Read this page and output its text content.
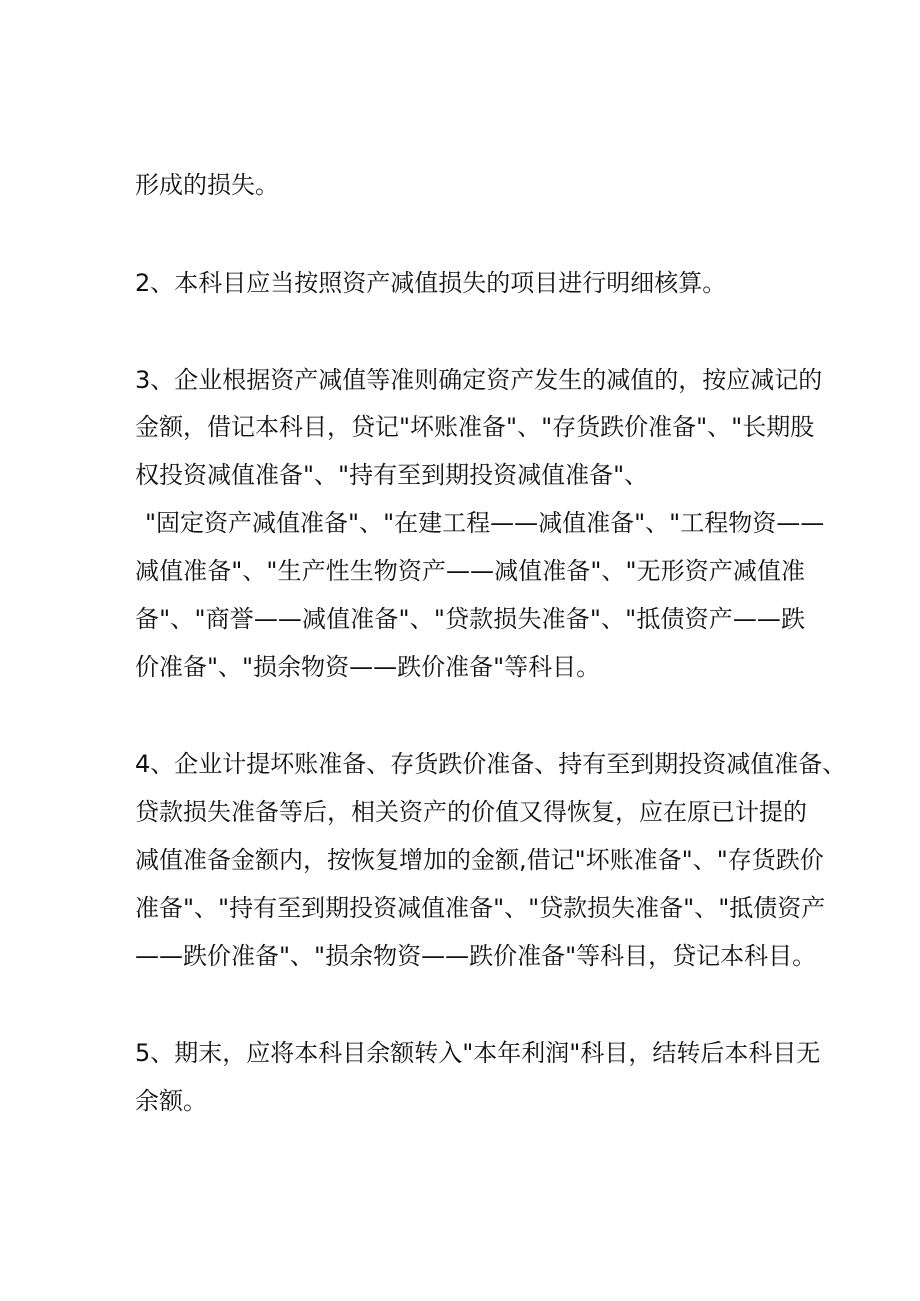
形成的损失。
2、本科目应当按照资产减值损失的项目进行明细核算。
3、企业根据资产减值等准则确定资产发生的减值的，按应减记的
金额，借记本科目，贷记"坏账准备"、"存货跌价准备"、"长期股
权投资减值准备"、"持有至到期投资减值准备"、
"固定资产减值准备"、"在建工程——减值准备"、"工程物资——
减值准备"、"生产性生物资产——减值准备"、"无形资产减值准
备"、"商誉——减值准备"、"贷款损失准备"、"抵债资产——跌
价准备"、"损余物资——跌价准备"等科目。
4、企业计提坏账准备、存货跌价准备、持有至到期投资减值准备、
贷款损失准备等后，相关资产的价值又得恢复，应在原已计提的
减值准备金额内，按恢复增加的金额,借记"坏账准备"、"存货跌价
准备"、"持有至到期投资减值准备"、"贷款损失准备"、"抵债资产
——跌价准备"、"损余物资——跌价准备"等科目，贷记本科目。
5、期末，应将本科目余额转入"本年利润"科目，结转后本科目无
余额。
